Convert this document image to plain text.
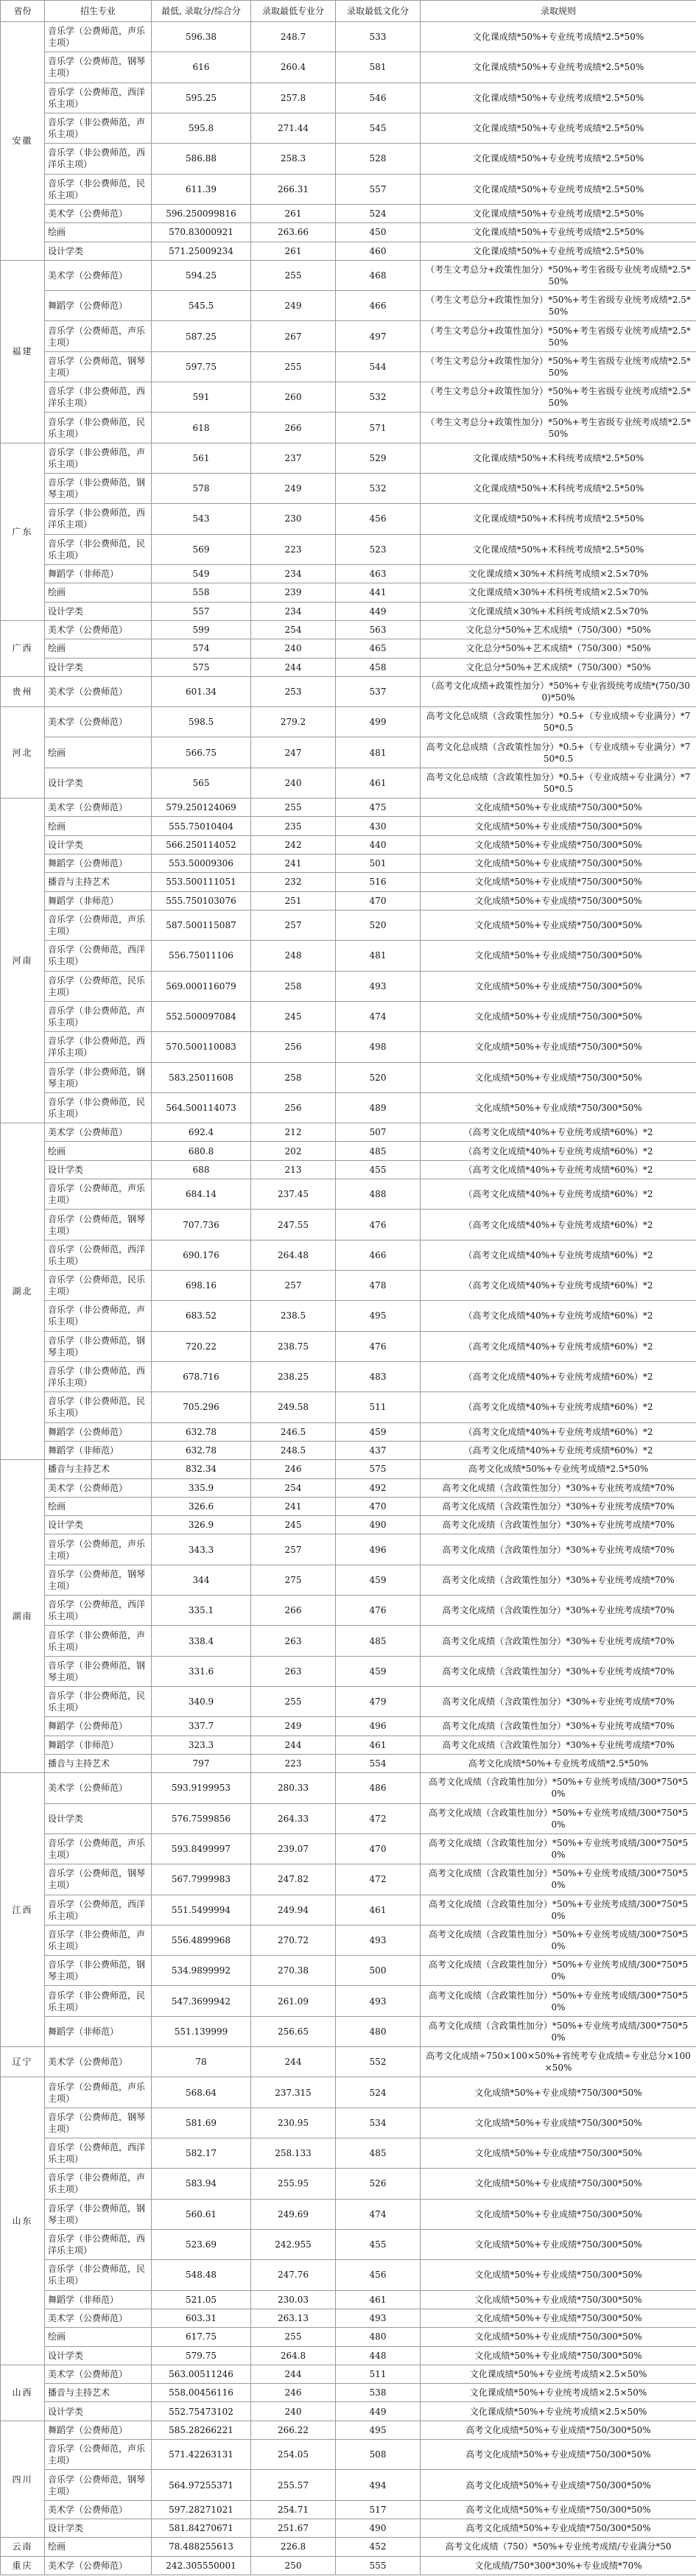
省份	招生专业	最低, 录取分/综合分	录取最低专业分	录取最低文化分	录取规则
安徽	音乐学（公费师范，声乐主项）	596.38	248.7	533	文化课成绩*50%+专业统考成绩*2.5*50%
	音乐学（公费师范，钢琴主项）	616	260.4	581	文化课成绩*50%+专业统考成绩*2.5*50%
	音乐学（公费师范，西洋乐主项）	595.25	257.8	546	文化课成绩*50%+专业统考成绩*2.5*50%
	音乐学（非公费师范，声乐主项）	595.8	271.44	545	文化课成绩*50%+专业统考成绩*2.5*50%
	音乐学（非公费师范，西洋乐主项）	586.88	258.3	528	文化课成绩*50%+专业统考成绩*2.5*50%
	音乐学（非公费师范，民乐主项）	611.39	266.31	557	文化课成绩*50%+专业统考成绩*2.5*50%
	美术学（公费师范）	596.250099816	261	524	文化课成绩*50%+专业统考成绩*2.5*50%
	绘画	570.83000921	263.66	450	文化课成绩*50%+专业统考成绩*2.5*50%
	设计学类	571.25009234	261	460	文化课成绩*50%+专业统考成绩*2.5*50%
福建	美术学（公费师范）	594.25	255	468	（考生文考总分+政策性加分）*50%+考生省级专业统考成绩*2.5*50%
	舞蹈学（公费师范）	545.5	249	466	（考生文考总分+政策性加分）*50%+考生省级专业统考成绩*2.5*50%
	音乐学（公费师范，声乐主项）	587.25	267	497	（考生文考总分+政策性加分）*50%+考生省级专业统考成绩*2.5*50%
	音乐学（公费师范，钢琴主项）	597.75	255	544	（考生文考总分+政策性加分）*50%+考生省级专业统考成绩*2.5*50%
	音乐学（非公费师范，西洋乐主项）	591	260	532	（考生文考总分+政策性加分）*50%+考生省级专业统考成绩*2.5*50%
	音乐学（非公费师范，民乐主项）	618	266	571	（考生文考总分+政策性加分）*50%+考生省级专业统考成绩*2.5*50%
广东	音乐学（非公费师范，声乐主项）	561	237	529	文化课成绩*50%+术科统考成绩*2.5*50%
	音乐学（非公费师范，钢琴主项）	578	249	532	文化课成绩*50%+术科统考成绩*2.5*50%
	音乐学（非公费师范，西洋乐主项）	543	230	456	文化课成绩*50%+术科统考成绩*2.5*50%
	音乐学（非公费师范，民乐主项）	569	223	523	文化课成绩*50%+术科统考成绩*2.5*50%
	舞蹈学（非师范）	549	234	463	文化课成绩×30%+术科统考成绩×2.5×70%
	绘画	558	239	441	文化课成绩×30%+术科统考成绩×2.5×70%
	设计学类	557	234	449	文化课成绩×30%+术科统考成绩×2.5×70%
广西	美术学（公费师范）	599	254	563	文化总分*50%+艺术成绩*（750/300）*50%
	绘画	574	240	465	文化总分*50%+艺术成绩*（750/300）*50%
	设计学类	575	244	458	文化总分*50%+艺术成绩*（750/300）*50%
贵州	美术学（公费师范）	601.34	253	537	（高考文化成绩+政策性加分）*50%+专业省级统考成绩*(750/300)*50%
河北	美术学（公费师范）	598.5	279.2	499	高考文化总成绩（含政策性加分）*0.5+（专业成绩÷专业满分）*750*0.5
	绘画	566.75	247	481	高考文化总成绩（含政策性加分）*0.5+（专业成绩÷专业满分）*750*0.5
	设计学类	565	240	461	高考文化总成绩（含政策性加分）*0.5+（专业成绩÷专业满分）*750*0.5
河南	美术学（公费师范）	579.250124069	255	475	文化成绩*50%+专业成绩*750/300*50%
	绘画	555.75010404	235	430	文化成绩*50%+专业成绩*750/300*50%
	设计学类	566.250114052	242	440	文化成绩*50%+专业成绩*750/300*50%
	舞蹈学（公费师范）	553.50009306	241	501	文化成绩*50%+专业成绩*750/300*50%
	播音与主持艺术	553.500111051	232	516	文化成绩*50%+专业成绩*750/300*50%
	舞蹈学（非师范）	555.750103076	251	470	文化成绩*50%+专业成绩*750/300*50%
	音乐学（公费师范，声乐主项）	587.500115087	257	520	文化成绩*50%+专业成绩*750/300*50%
	音乐学（公费师范，西洋乐主项）	556.75011106	248	481	文化成绩*50%+专业成绩*750/300*50%
	音乐学（公费师范，民乐主项）	569.000116079	258	493	文化成绩*50%+专业成绩*750/300*50%
	音乐学（非公费师范，声乐主项）	552.500097084	245	474	文化成绩*50%+专业成绩*750/300*50%
	音乐学（非公费师范，西洋乐主项）	570.500110083	256	498	文化成绩*50%+专业成绩*750/300*50%
	音乐学（非公费师范，钢琴主项）	583.25011608	258	520	文化成绩*50%+专业成绩*750/300*50%
	音乐学（非公费师范，民乐主项）	564.500114073	256	489	文化成绩*50%+专业成绩*750/300*50%
湖北	美术学（公费师范）	692.4	212	507	（高考文化成绩*40%+专业统考成绩*60%）*2
	绘画	680.8	202	485	（高考文化成绩*40%+专业统考成绩*60%）*2
	设计学类	688	213	455	（高考文化成绩*40%+专业统考成绩*60%）*2
	音乐学（公费师范，声乐主项）	684.14	237.45	488	（高考文化成绩*40%+专业统考成绩*60%）*2
	音乐学（公费师范，钢琴主项）	707.736	247.55	476	（高考文化成绩*40%+专业统考成绩*60%）*2
	音乐学（公费师范，西洋乐主项）	690.176	264.48	466	（高考文化成绩*40%+专业统考成绩*60%）*2
	音乐学（公费师范，民乐主项）	698.16	257	478	（高考文化成绩*40%+专业统考成绩*60%）*2
	音乐学（非公费师范，声乐主项）	683.52	238.5	495	（高考文化成绩*40%+专业统考成绩*60%）*2
	音乐学（非公费师范，钢琴主项）	720.22	238.75	476	（高考文化成绩*40%+专业统考成绩*60%）*2
	音乐学（非公费师范，西洋乐主项）	678.716	238.25	483	（高考文化成绩*40%+专业统考成绩*60%）*2
	音乐学（非公费师范，民乐主项）	705.296	249.58	511	（高考文化成绩*40%+专业统考成绩*60%）*2
	舞蹈学（公费师范）	632.78	246.5	459	（高考文化成绩*40%+专业统考成绩*60%）*2
	舞蹈学（非师范）	632.78	248.5	437	（高考文化成绩*40%+专业统考成绩*60%）*2
湖南	播音与主持艺术	832.34	246	575	高考文化成绩*50%+专业统考成绩*2.5*50%
	美术学（公费师范）	335.9	254	492	高考文化成绩（含政策性加分）*30%+专业统考成绩*70%
	绘画	326.6	241	470	高考文化成绩（含政策性加分）*30%+专业统考成绩*70%
	设计学类	326.9	245	490	高考文化成绩（含政策性加分）*30%+专业统考成绩*70%
	音乐学（公费师范，声乐主项）	343.3	257	496	高考文化成绩（含政策性加分）*30%+专业统考成绩*70%
	音乐学（公费师范，钢琴主项）	344	275	459	高考文化成绩（含政策性加分）*30%+专业统考成绩*70%
	音乐学（公费师范，西洋乐主项）	335.1	266	476	高考文化成绩（含政策性加分）*30%+专业统考成绩*70%
	音乐学（非公费师范，声乐主项）	338.4	263	485	高考文化成绩（含政策性加分）*30%+专业统考成绩*70%
	音乐学（非公费师范，钢琴主项）	331.6	263	459	高考文化成绩（含政策性加分）*30%+专业统考成绩*70%
	音乐学（非公费师范，民乐主项）	340.9	255	479	高考文化成绩（含政策性加分）*30%+专业统考成绩*70%
	舞蹈学（公费师范）	337.7	249	496	高考文化成绩（含政策性加分）*30%+专业统考成绩*70%
	舞蹈学（非师范）	323.3	244	461	高考文化成绩（含政策性加分）*30%+专业统考成绩*70%
	播音与主持艺术	797	223	554	高考文化成绩*50%+专业统考成绩*2.5*50%
江西	美术学（公费师范）	593.9199953	280.33	486	高考文化成绩（含政策性加分）*50%+专业统考成绩/300*750*50%
	设计学类	576.7599856	264.33	472	高考文化成绩（含政策性加分）*50%+专业统考成绩/300*750*50%
	音乐学（公费师范，声乐主项）	593.8499997	239.07	470	高考文化成绩（含政策性加分）*50%+专业统考成绩/300*750*50%
	音乐学（公费师范，钢琴主项）	567.7999983	247.82	472	高考文化成绩（含政策性加分）*50%+专业统考成绩/300*750*50%
	音乐学（公费师范，西洋乐主项）	551.5499994	249.94	461	高考文化成绩（含政策性加分）*50%+专业统考成绩/300*750*50%
	音乐学（非公费师范，声乐主项）	556.4899968	270.72	493	高考文化成绩（含政策性加分）*50%+专业统考成绩/300*750*50%
	音乐学（非公费师范，钢琴主项）	534.9899992	270.38	500	高考文化成绩（含政策性加分）*50%+专业统考成绩/300*750*50%
	音乐学（非公费师范，民乐主项）	547.3699942	261.09	493	高考文化成绩（含政策性加分）*50%+专业统考成绩/300*750*50%
	舞蹈学（非师范）	551.139999	256.65	480	高考文化成绩（含政策性加分）*50%+专业统考成绩/300*750*50%
辽宁	美术学（公费师范）	78	244	552	高考文化成绩÷750×100×50%+省统考专业成绩÷专业总分×100×50%
山东	音乐学（公费师范，声乐主项）	568.64	237.315	524	文化成绩*50%+专业成绩*750/300*50%
	音乐学（公费师范，钢琴主项）	581.69	230.95	534	文化成绩*50%+专业成绩*750/300*50%
	音乐学（公费师范，西洋乐主项）	582.17	258.133	485	文化成绩*50%+专业成绩*750/300*50%
	音乐学（非公费师范，声乐主项）	583.94	255.95	526	文化成绩*50%+专业成绩*750/300*50%
	音乐学（非公费师范，钢琴主项）	560.61	249.69	474	文化成绩*50%+专业成绩*750/300*50%
	音乐学（非公费师范，西洋乐主项）	523.69	242.955	455	文化成绩*50%+专业成绩*750/300*50%
	音乐学（非公费师范，民乐主项）	548.48	247.76	456	文化成绩*50%+专业成绩*750/300*50%
	舞蹈学（非师范）	521.05	230.03	461	文化成绩*50%+专业成绩*750/300*50%
	美术学（公费师范）	603.31	263.13	493	文化成绩*50%+专业成绩*750/300*50%
	绘画	617.75	255	480	文化成绩*50%+专业成绩*750/300*50%
	设计学类	579.75	264.8	448	文化成绩*50%+专业成绩*750/300*50%
山西	美术学（公费师范）	563.00511246	244	511	文化课成绩*50%+专业统考成绩×2.5×50%
	播音与主持艺术	558.00456116	246	538	文化课成绩*50%+专业统考成绩×2.5×50%
	设计学类	552.75473102	240	449	文化课成绩*50%+专业统考成绩×2.5×50%
四川	舞蹈学（公费师范）	585.28266221	266.22	495	高考文化成绩*50%+专业成绩*750/300*50%
	音乐学（公费师范，声乐主项）	571.42263131	254.05	508	高考文化成绩*50%+专业成绩*750/300*50%
	音乐学（公费师范，钢琴主项）	564.97255371	255.57	494	高考文化成绩*50%+专业成绩*750/300*50%
	美术学（公费师范）	597.28271021	254.71	517	高考文化成绩*50%+专业成绩*750/300*50%
	设计学类	581.84270671	251.67	490	高考文化成绩*50%+专业成绩*750/300*50%
云南	绘画	78.488255613	226.8	452	高考文化成绩（750）*50%+专业统考成绩/专业满分*50
重庆	美术学（公费师范）	242.305550001	250	555	文化成绩/750*300*30%+专业成绩*70%
